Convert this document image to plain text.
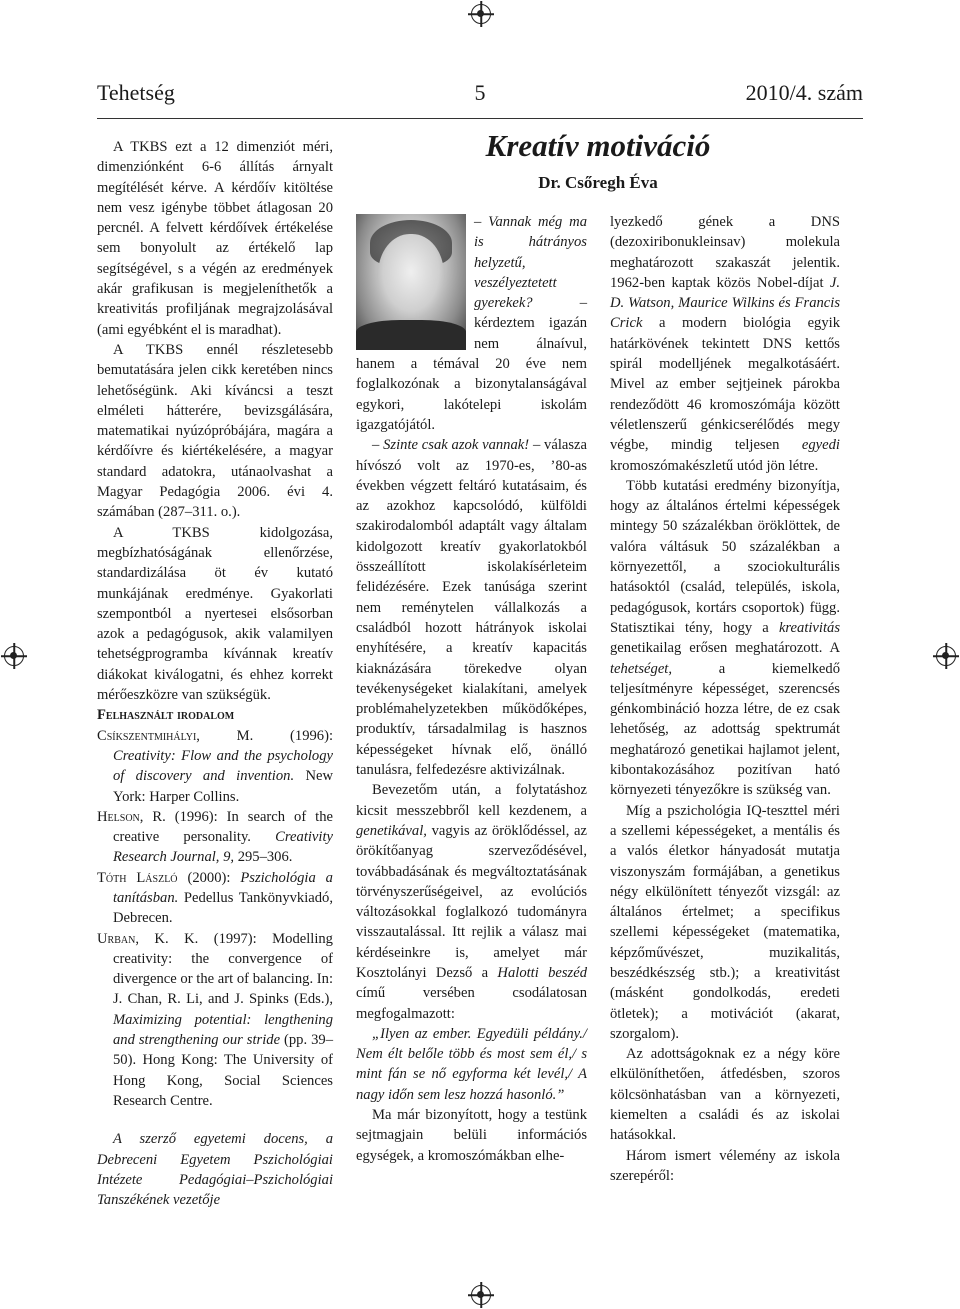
Tehetség	5	2010/4. szám

A TKBS ezt a 12 dimenziót méri, dimenziónként 6-6 állítás árnyalt megítélését kérve. A kérdőív kitöltése nem vesz igénybe többet átlagosan 20 percnél. A felvett kérdőívek értékelése sem bonyolult az értékelő lap segítségével, s a végén az eredmények akár grafikusan is megjeleníthetők a kreativitás profiljának megrajzolásával (ami egyébként el is maradhat).

A TKBS ennél részletesebb bemutatására jelen cikk keretében nincs lehetőségünk. Aki kíváncsi a teszt elméleti hátterére, bevizsgálására, matematikai nyúzópróbájára, magára a kérdőívre és kiértékelésére, a magyar standard adatokra, utánaolvashat a Magyar Pedagógia 2006. évi 4. számában (287–311. o.).

A TKBS kidolgozása, megbízhatóságának ellenőrzése, standardizálása öt év kutató munkájának eredménye. Gyakorlati szempontból a nyertesei elsősorban azok a pedagógusok, akik valamilyen tehetségprogramba kívánnak kreatív diákokat kiválogatni, és ehhez korrekt mérőeszközre van szükségük.

Felhasznált irodalom

Csíkszentmihályi, M. (1996): Creativity: Flow and the psychology of discovery and invention. New York: Harper Collins.

Helson, R. (1996): In search of the creative personality. Creativity Research Journal, 9, 295–306.

Tóth László (2000): Pszichológia a tanításban. Pedellus Tankönyvkiadó, Debrecen.

Urban, K. K. (1997): Modelling creativity: the convergence of divergence or the art of balancing. In: J. Chan, R. Li, and J. Spinks (Eds.), Maximizing potential: lengthening and strengthening our stride (pp. 39–50). Hong Kong: The University of Hong Kong, Social Sciences Research Centre.

A szerző egyetemi docens, a Debreceni Egyetem Pszichológiai Intézete Pedagógiai–Pszichológiai Tanszékének vezetője

Kreatív motiváció
Dr. Csőregh Éva

– Vannak még ma is hátrányos helyzetű, veszélyeztetett gyerekek? – kérdeztem igazán nem álnaívul, hanem a témával 20 éve nem foglalkozónak a bizonytalanságával egykori, lakótelepi iskolám igazgatójától.

– Szinte csak azok vannak! – válasza hívószó volt az 1970-es, ’80-as években végzett feltáró kutatásaim, és az azokhoz kapcsolódó, külföldi szakirodalomból adaptált vagy általam kidolgozott kreatív gyakorlatokból összeállított iskolakísérleteim felidézésére. Ezek tanúsága szerint nem reménytelen vállalkozás a családból hozott hátrányok iskolai enyhítésére, a kreatív kapacitás kiaknázására törekedve olyan tevékenységeket kialakítani, amelyek problémahelyzetekben működőképes, produktív, társadalmilag is hasznos képességeket hívnak elő, önálló tanulásra, felfedezésre aktivizálnak.

Bevezetőm után, a folytatáshoz kicsit messzebbről kell kezdenem, a genetikával, vagyis az öröklődéssel, az örökítőanyag szerveződésével, továbbadásának és megváltoztatásának törvényszerűségeivel, az evolúciós változásokkal foglalkozó tudományra visszautalással. Itt rejlik a válasz mai kérdéseinkre is, amelyet már Kosztolányi Dezső a Halotti beszéd című versében csodálatosan megfogalmazott:

„Ilyen az ember. Egyedüli példány./ Nem élt belőle több és most sem él,/ s mint fán se nő egyforma két levél,/ A nagy időn sem lesz hozzá hasonló.”

Ma már bizonyított, hogy a testünk sejtmagjain belüli információs egységek, a kromoszómákban elhe-

lyezkedő gének a DNS (dezoxiribonukleinsav) molekula meghatározott szakaszát jelentik. 1962-ben kaptak közös Nobel-díjat J. D. Watson, Maurice Wilkins és Francis Crick a modern biológia egyik határkövének tekintett DNS kettős spirál modelljének megalkotásáért. Mivel az ember sejtjeinek párokba rendeződött 46 kromoszómája között véletlenszerű génkicserélődés megy végbe, mindig teljesen egyedi kromoszómakészletű utód jön létre.

Több kutatási eredmény bizonyítja, hogy az általános értelmi képességek mintegy 50 százalékban öröklöttek, de valóra váltásuk 50 százalékban a környezettől, a szociokulturális hatásoktól (család, település, iskola, pedagógusok, kortárs csoportok) függ. Statisztikai tény, hogy a kreativitás genetikailag erősen meghatározott. A tehetséget, a kiemelkedő teljesítményre képességet, szerencsés génkombináció hozza létre, de ez csak lehetőség, az adottság spektrumát meghatározó genetikai hajlamot jelent, kibontakozásához pozitívan ható környezeti tényezőkre is szükség van.

Míg a pszichológia IQ-teszttel méri a szellemi képességeket, a mentális és a valós életkor hányadosát mutatja viszonyszám formájában, a genetikus négy elkülönített tényezőt vizsgál: az általános értelmet; a specifikus szellemi képességeket (matematika, képzőművészet, muzikalitás, beszédkészség stb.); a kreativitást (másként gondolkodás, eredeti ötletek); a motivációt (akarat, szorgalom).

Az adottságoknak ez a négy köre elkülöníthetően, átfedésben, szoros kölcsönhatásban van a környezeti, kiemelten a családi és az iskolai hatásokkal.

Három ismert vélemény az iskola szerepéről:
